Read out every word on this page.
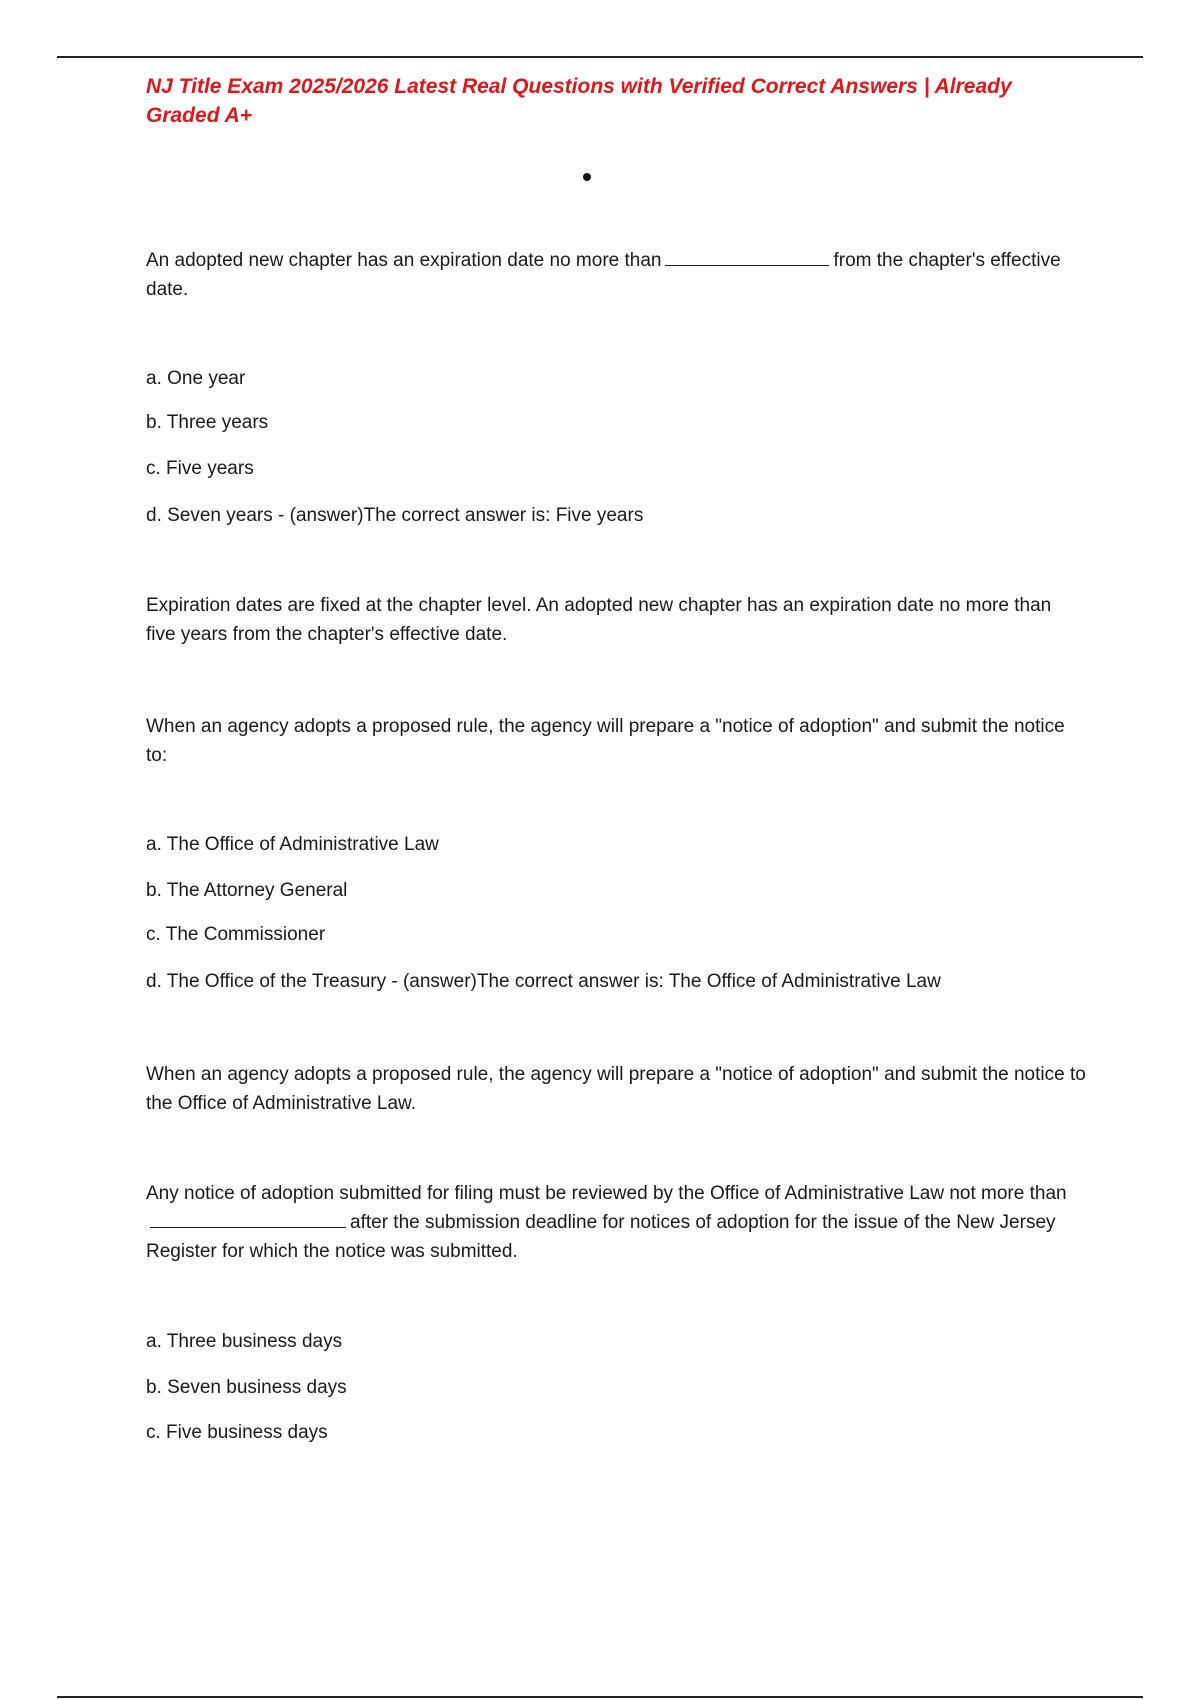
NJ Title Exam 2025/2026 Latest Real Questions with Verified Correct Answers | Already Graded A+

An adopted new chapter has an expiration date no more than	from the chapter's effective date.

a. One year

b. Three years

c. Five years

d. Seven years - (answer)The correct answer is: Five years

Expiration dates are fixed at the chapter level. An adopted new chapter has an expiration date no more than five years from the chapter's effective date.

When an agency adopts a proposed rule, the agency will prepare a "notice of adoption" and submit the notice to:

a. The Office of Administrative Law

b. The Attorney General

c. The Commissioner

d. The Office of the Treasury - (answer)The correct answer is: The Office of Administrative Law

When an agency adopts a proposed rule, the agency will prepare a "notice of adoption" and submit the notice to the Office of Administrative Law.

Any notice of adoption submitted for filing must be reviewed by the Office of Administrative Law not more thanafter the submission deadline for notices of adoption for the issue of the New Jersey Register for which the notice was submitted.

a. Three business days

b. Seven business days

c. Five business days
